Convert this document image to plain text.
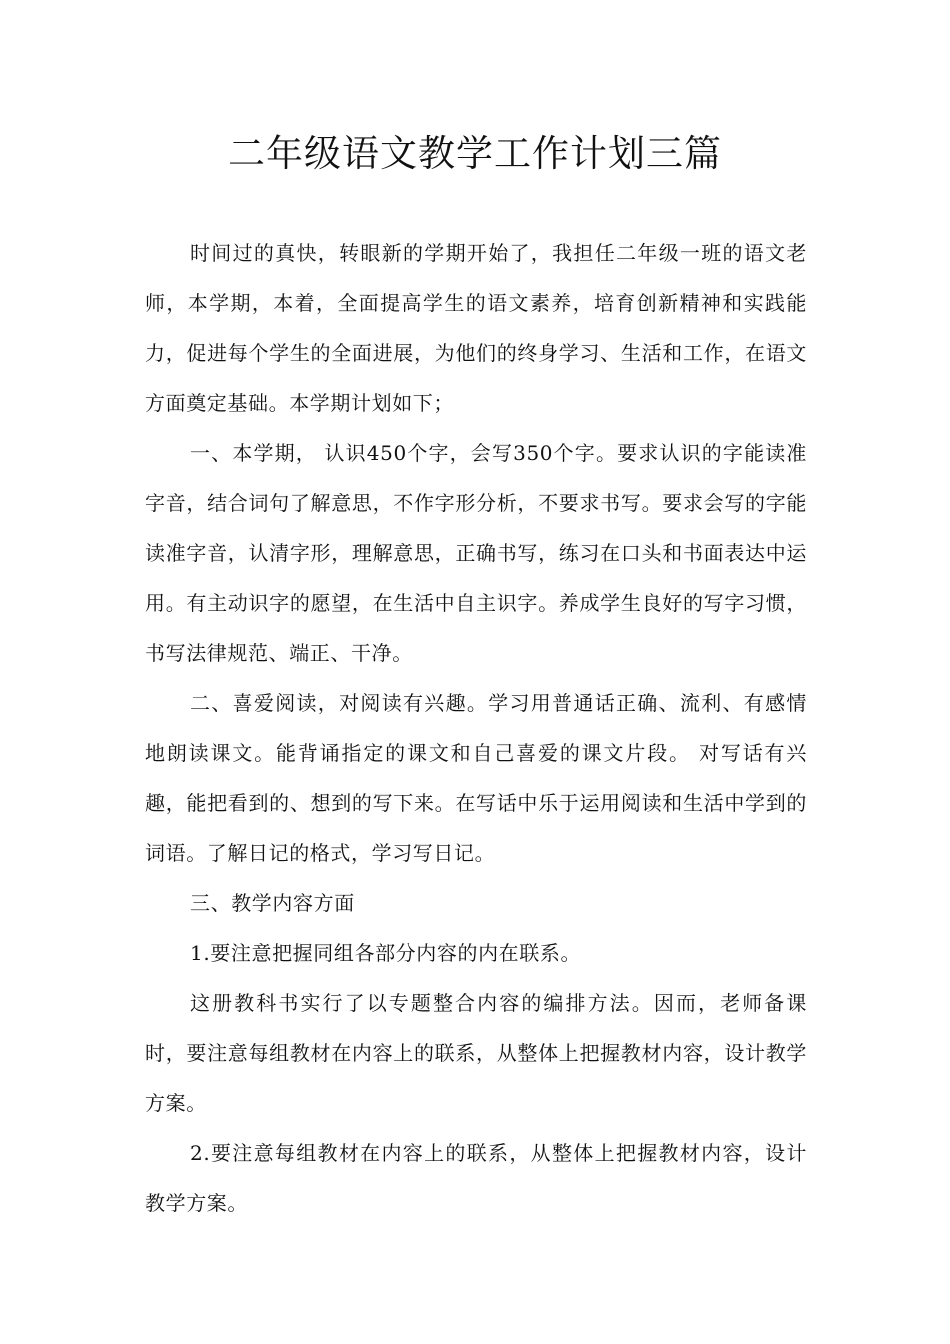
二年级语文教学工作计划三篇

时间过的真快，转眼新的学期开始了，我担任二年级一班的语文老师，本学期，本着，全面提高学生的语文素养，培育创新精神和实践能力，促进每个学生的全面进展，为他们的终身学习、生活和工作，在语文方面奠定基础。本学期计划如下；

一、本学期， 认识450个字，会写350个字。要求认识的字能读准字音，结合词句了解意思，不作字形分析，不要求书写。要求会写的字能读准字音，认清字形，理解意思，正确书写，练习在口头和书面表达中运用。有主动识字的愿望，在生活中自主识字。养成学生良好的写字习惯，书写法律规范、端正、干净。

二、喜爱阅读，对阅读有兴趣。学习用普通话正确、流利、有感情地朗读课文。能背诵指定的课文和自己喜爱的课文片段。 对写话有兴趣，能把看到的、想到的写下来。在写话中乐于运用阅读和生活中学到的词语。了解日记的格式，学习写日记。

三、教学内容方面

1.要注意把握同组各部分内容的内在联系。

这册教科书实行了以专题整合内容的编排方法。因而，老师备课时，要注意每组教材在内容上的联系，从整体上把握教材内容，设计教学方案。

2.要注意每组教材在内容上的联系，从整体上把握教材内容，设计教学方案。
